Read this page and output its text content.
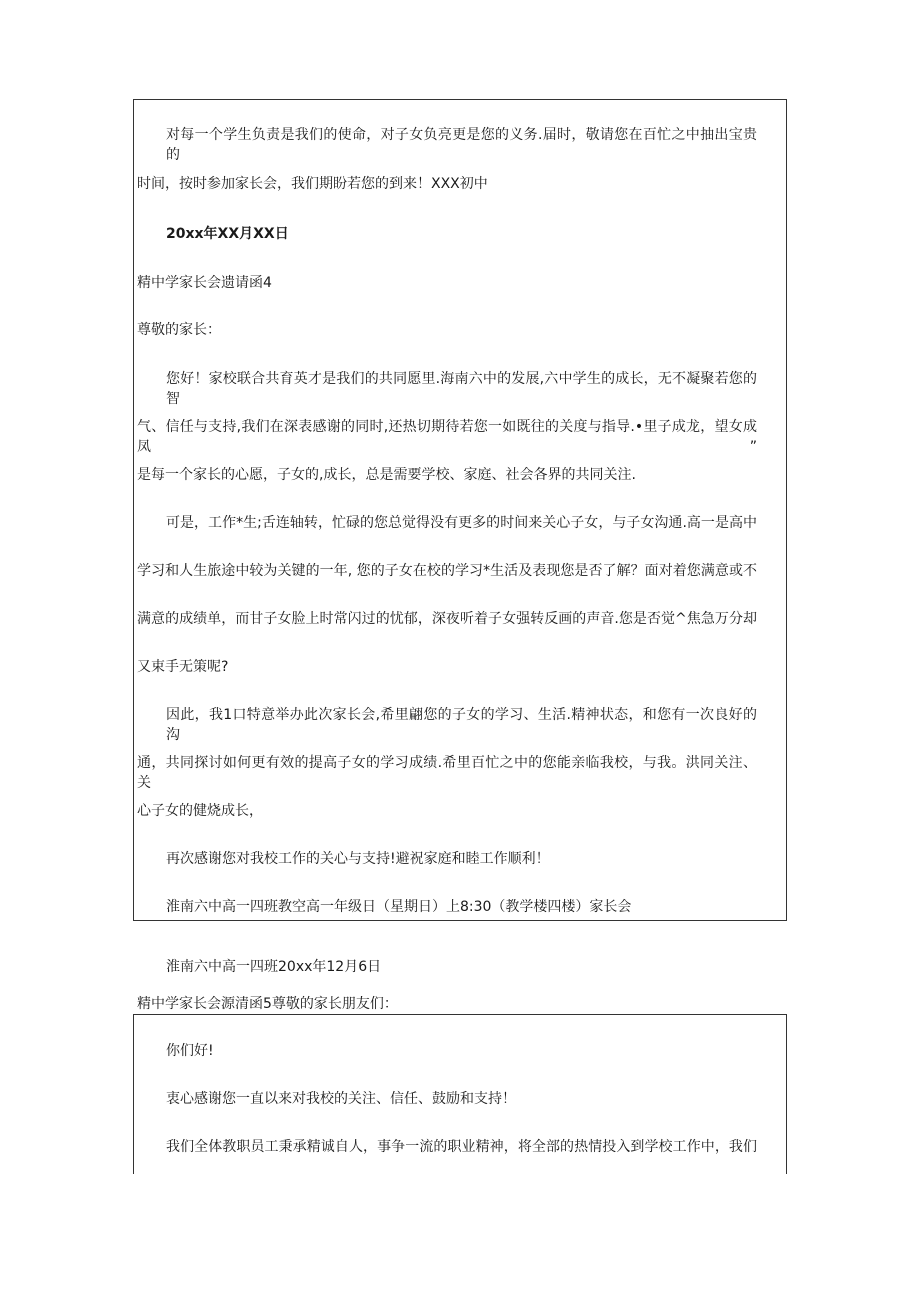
对每一个学生负责是我们的使命，对子女负亮更是您的义务.届时，敬请您在百忙之中抽出宝贵的
时间，按时参加家长会，我们期盼若您的到来！XXX初中
20xx年XX月XX日
精中学家长会遗请函4
尊敬的家长：
您好！家校联合共育英才是我们的共同愿里.海南六中的发展,六中学生的成长，无不凝聚若您的智
气、信任与支持,我们在深表感谢的同时,还热切期待若您一如既往的关度与指导.•里子成龙，望女成凤”
是每一个家长的心愿，子女的,成长，总是需要学校、家庭、社会各界的共同关注.
可是，工作*生;舌连轴转，忙碌的您总觉得没有更多的时间来关心子女，与子女沟通.高一是高中
学习和人生旅途中较为关键的一年, 您的子女在校的学习*生活及表现您是否了解？面对着您满意或不
满意的成绩单，而甘子女脸上时常闪过的忧郁，深夜听着子女强转反画的声音.您是否觉^焦急万分却
又束手无策呢?
因此，我1口特意举办此次家长会,希里翩您的子女的学习、生活.精神状态，和您有一次良好的沟
通，共同探讨如何更有效的提高子女的学习成绩.希里百忙之中的您能亲临我校，与我。洪同关注、关
心子女的健烧成长，
再次感谢您对我校工作的关心与支持!避祝家庭和睦工作顺利！
淮南六中高一四班教空高一年级日（星期日）上8:30（教学楼四楼）家长会
淮南六中高一四班20xx年12月6日
精中学家长会源清函5尊敬的家长朋友们：
你们好!
衷心感谢您一直以来对我校的关注、信任、鼓励和支持！
我们全体教职员工秉承精诚自人，事争一流的职业精神，将全部的热情投入到学校工作中，我们
